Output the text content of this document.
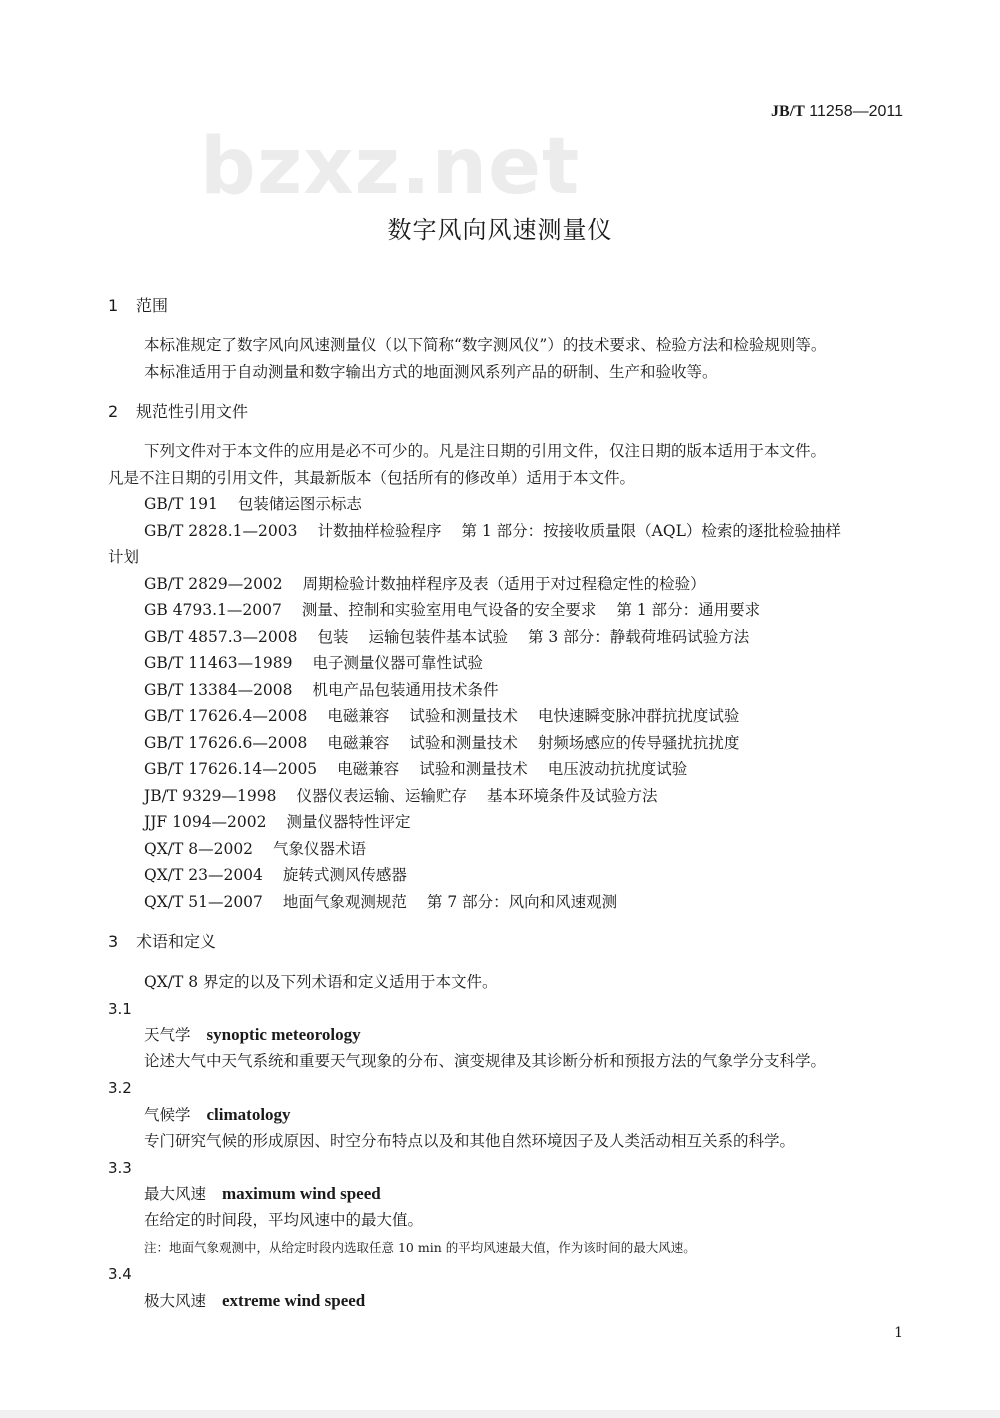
JB/T 11258—2011
bzxz.net
数字风向风速测量仪
1 范围
本标准规定了数字风向风速测量仪（以下简称“数字测风仪”）的技术要求、检验方法和检验规则等。
本标准适用于自动测量和数字输出方式的地面测风系列产品的研制、生产和验收等。
2 规范性引用文件
下列文件对于本文件的应用是必不可少的。凡是注日期的引用文件，仅注日期的版本适用于本文件。
凡是不注日期的引用文件，其最新版本（包括所有的修改单）适用于本文件。
GB/T 191 包装储运图示标志
GB/T 2828.1—2003 计数抽样检验程序 第 1 部分：按接收质量限（AQL）检索的逐批检验抽样
计划
GB/T 2829—2002 周期检验计数抽样程序及表（适用于对过程稳定性的检验）
GB 4793.1—2007 测量、控制和实验室用电气设备的安全要求 第 1 部分：通用要求
GB/T 4857.3—2008 包装 运输包装件基本试验 第 3 部分：静载荷堆码试验方法
GB/T 11463—1989 电子测量仪器可靠性试验
GB/T 13384—2008 机电产品包装通用技术条件
GB/T 17626.4—2008 电磁兼容 试验和测量技术 电快速瞬变脉冲群抗扰度试验
GB/T 17626.6—2008 电磁兼容 试验和测量技术 射频场感应的传导骚扰抗扰度
GB/T 17626.14—2005 电磁兼容 试验和测量技术 电压波动抗扰度试验
JB/T 9329—1998 仪器仪表运输、运输贮存 基本环境条件及试验方法
JJF 1094—2002 测量仪器特性评定
QX/T 8—2002 气象仪器术语
QX/T 23—2004 旋转式测风传感器
QX/T 51—2007 地面气象观测规范 第 7 部分：风向和风速观测
3 术语和定义
QX/T 8 界定的以及下列术语和定义适用于本文件。
3.1
天气学 synoptic meteorology
论述大气中天气系统和重要天气现象的分布、演变规律及其诊断分析和预报方法的气象学分支科学。
3.2
气候学 climatology
专门研究气候的形成原因、时空分布特点以及和其他自然环境因子及人类活动相互关系的科学。
3.3
最大风速 maximum wind speed
在给定的时间段，平均风速中的最大值。
注：地面气象观测中，从给定时段内选取任意 10 min 的平均风速最大值，作为该时间的最大风速。
3.4
极大风速 extreme wind speed
1
